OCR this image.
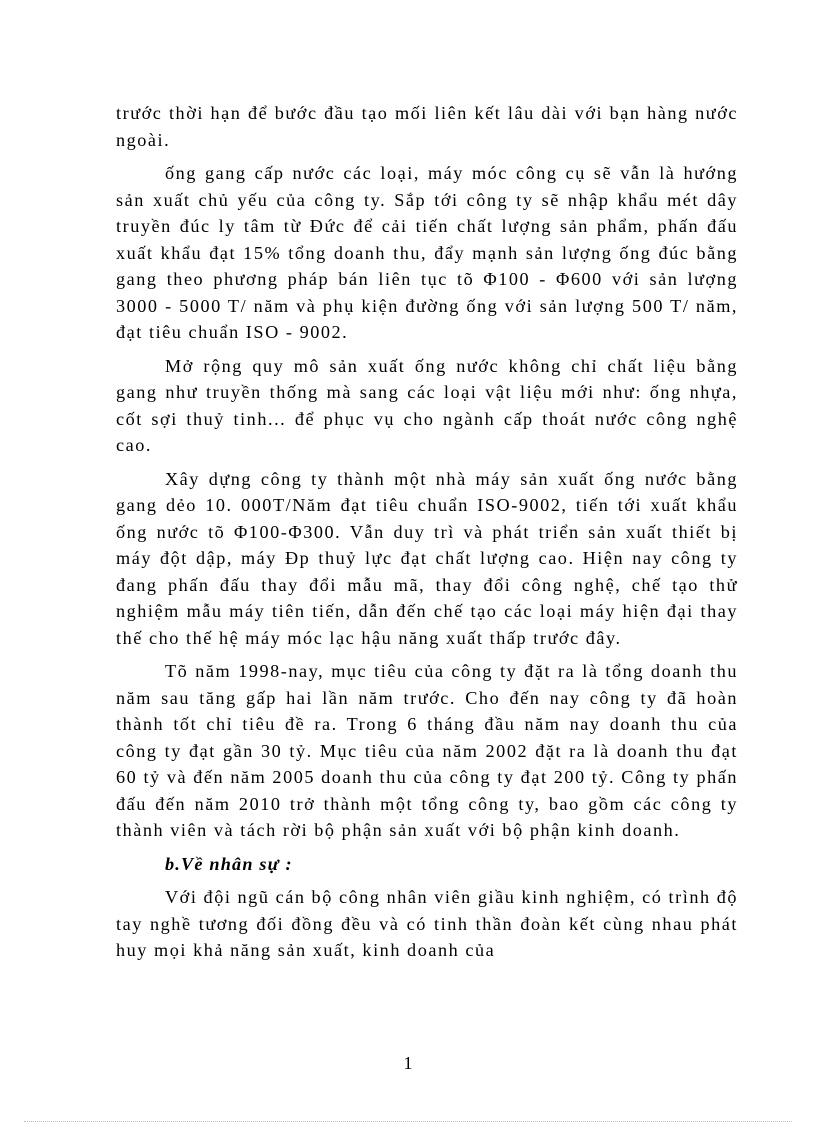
trước thời hạn để bước đầu tạo mối liên kết lâu dài với bạn hàng nước ngoài.

ống gang cấp nước các loại, máy móc công cụ sẽ vẫn là hướng sản xuất chủ yếu của công ty. Sắp tới công ty sẽ nhập khẩu mét dây truyền đúc ly tâm từ Đức để cải tiến chất lượng sản phẩm, phấn đấu xuất khẩu đạt 15% tổng doanh thu, đẩy mạnh sản lượng ống đúc bằng gang theo phương pháp bán liên tục tõ Φ100 - Φ600 với sản lượng 3000 - 5000 T/ năm và phụ kiện đường ống với sản lượng 500 T/ năm, đạt tiêu chuẩn ISO - 9002.

Mở rộng quy mô sản xuất ống nước không chỉ chất liệu bằng gang như truyền thống mà sang các loại vật liệu mới như: ống nhựa, cốt sợi thuỷ tinh... để phục vụ cho ngành cấp thoát nước công nghệ cao.

Xây dựng công ty thành một nhà máy sản xuất ống nước bằng gang dẻo 10. 000T/Năm đạt tiêu chuẩn ISO-9002, tiến tới xuất khẩu ống nước tõ Φ100-Φ300. Vẫn duy trì và phát triển sản xuất thiết bị máy đột dập, máy Ðp thuỷ lực đạt chất lượng cao. Hiện nay công ty đang phấn đấu thay đổi mẫu mã, thay đổi công nghệ, chế tạo thử nghiệm mẫu máy tiên tiến, dẫn đến chế tạo các loại máy hiện đại thay thế cho thế hệ máy móc lạc hậu năng xuất thấp trước đây.

Tõ năm 1998-nay, mục tiêu của công ty đặt ra là tổng doanh thu năm sau tăng gấp hai lần năm trước. Cho đến nay công ty đã hoàn thành tốt chỉ tiêu đề ra. Trong 6 tháng đầu năm nay doanh thu của công ty đạt gần 30 tỷ. Mục tiêu của năm 2002 đặt ra là doanh thu đạt 60 tỷ và đến năm 2005 doanh thu của công ty đạt 200 tỷ. Công ty phấn đấu đến năm 2010 trở thành một tổng công ty, bao gồm các công ty thành viên và tách rời bộ phận sản xuất với bộ phận kinh doanh.

b.Về nhân sự :

Với đội ngũ cán bộ công nhân viên giầu kinh nghiệm, có trình độ tay nghề tương đối đồng đều và có tinh thần đoàn kết cùng nhau phát huy mọi khả năng sản xuất, kinh doanh của

1
